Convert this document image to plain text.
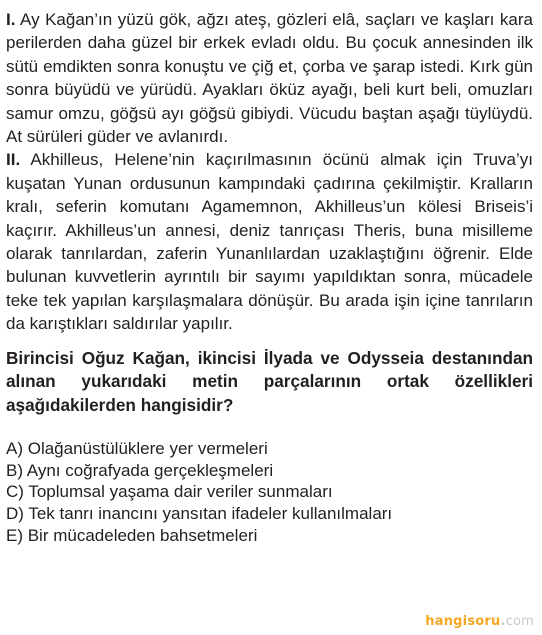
I. Ay Kağan’ın yüzü gök, ağzı ateş, gözleri elâ, saçları ve kaşları kara perilerden daha güzel bir erkek evladı oldu. Bu çocuk annesinden ilk sütü emdikten sonra konuştu ve çiğ et, çorba ve şarap istedi. Kırk gün sonra büyüdü ve yürüdü. Ayakları öküz ayağı, beli kurt beli, omuzları samur omzu, göğsü ayı göğsü gibiydi. Vücudu baştan aşağı tüylüydü. At sürüleri güder ve avlanırdı.

II. Akhilleus, Helene’nin kaçırılmasının öcünü almak için Truva’yı kuşatan Yunan ordusunun kampındaki çadırına çekilmiştir. Kralların kralı, seferin komutanı Agamemnon, Akhilleus’un kölesi Briseis’i kaçırır. Akhilleus’un annesi, deniz tanrıçası Theris, buna misilleme olarak tanrılardan, zaferin Yunanlılardan uzaklaştığını öğrenir. Elde bulunan kuvvetlerin ayrıntılı bir sayımı yapıldıktan sonra, mücadele teke tek yapılan karşılaşmalara dönüşür. Bu arada işin içine tanrıların da karıştıkları saldırılar yapılır.

Birincisi Oğuz Kağan, ikincisi İlyada ve Odysseia destanından alınan yukarıdaki metin parçalarının ortak özellikleri aşağıdakilerden hangisidir?
A) Olağanüstülüklere yer vermeleri
B) Aynı coğrafyada gerçekleşmeleri
C) Toplumsal yaşama dair veriler sunmaları
D) Tek tanrı inancını yansıtan ifadeler kullanılmaları
E) Bir mücadeleden bahsetmeleri
hangisoru.com
